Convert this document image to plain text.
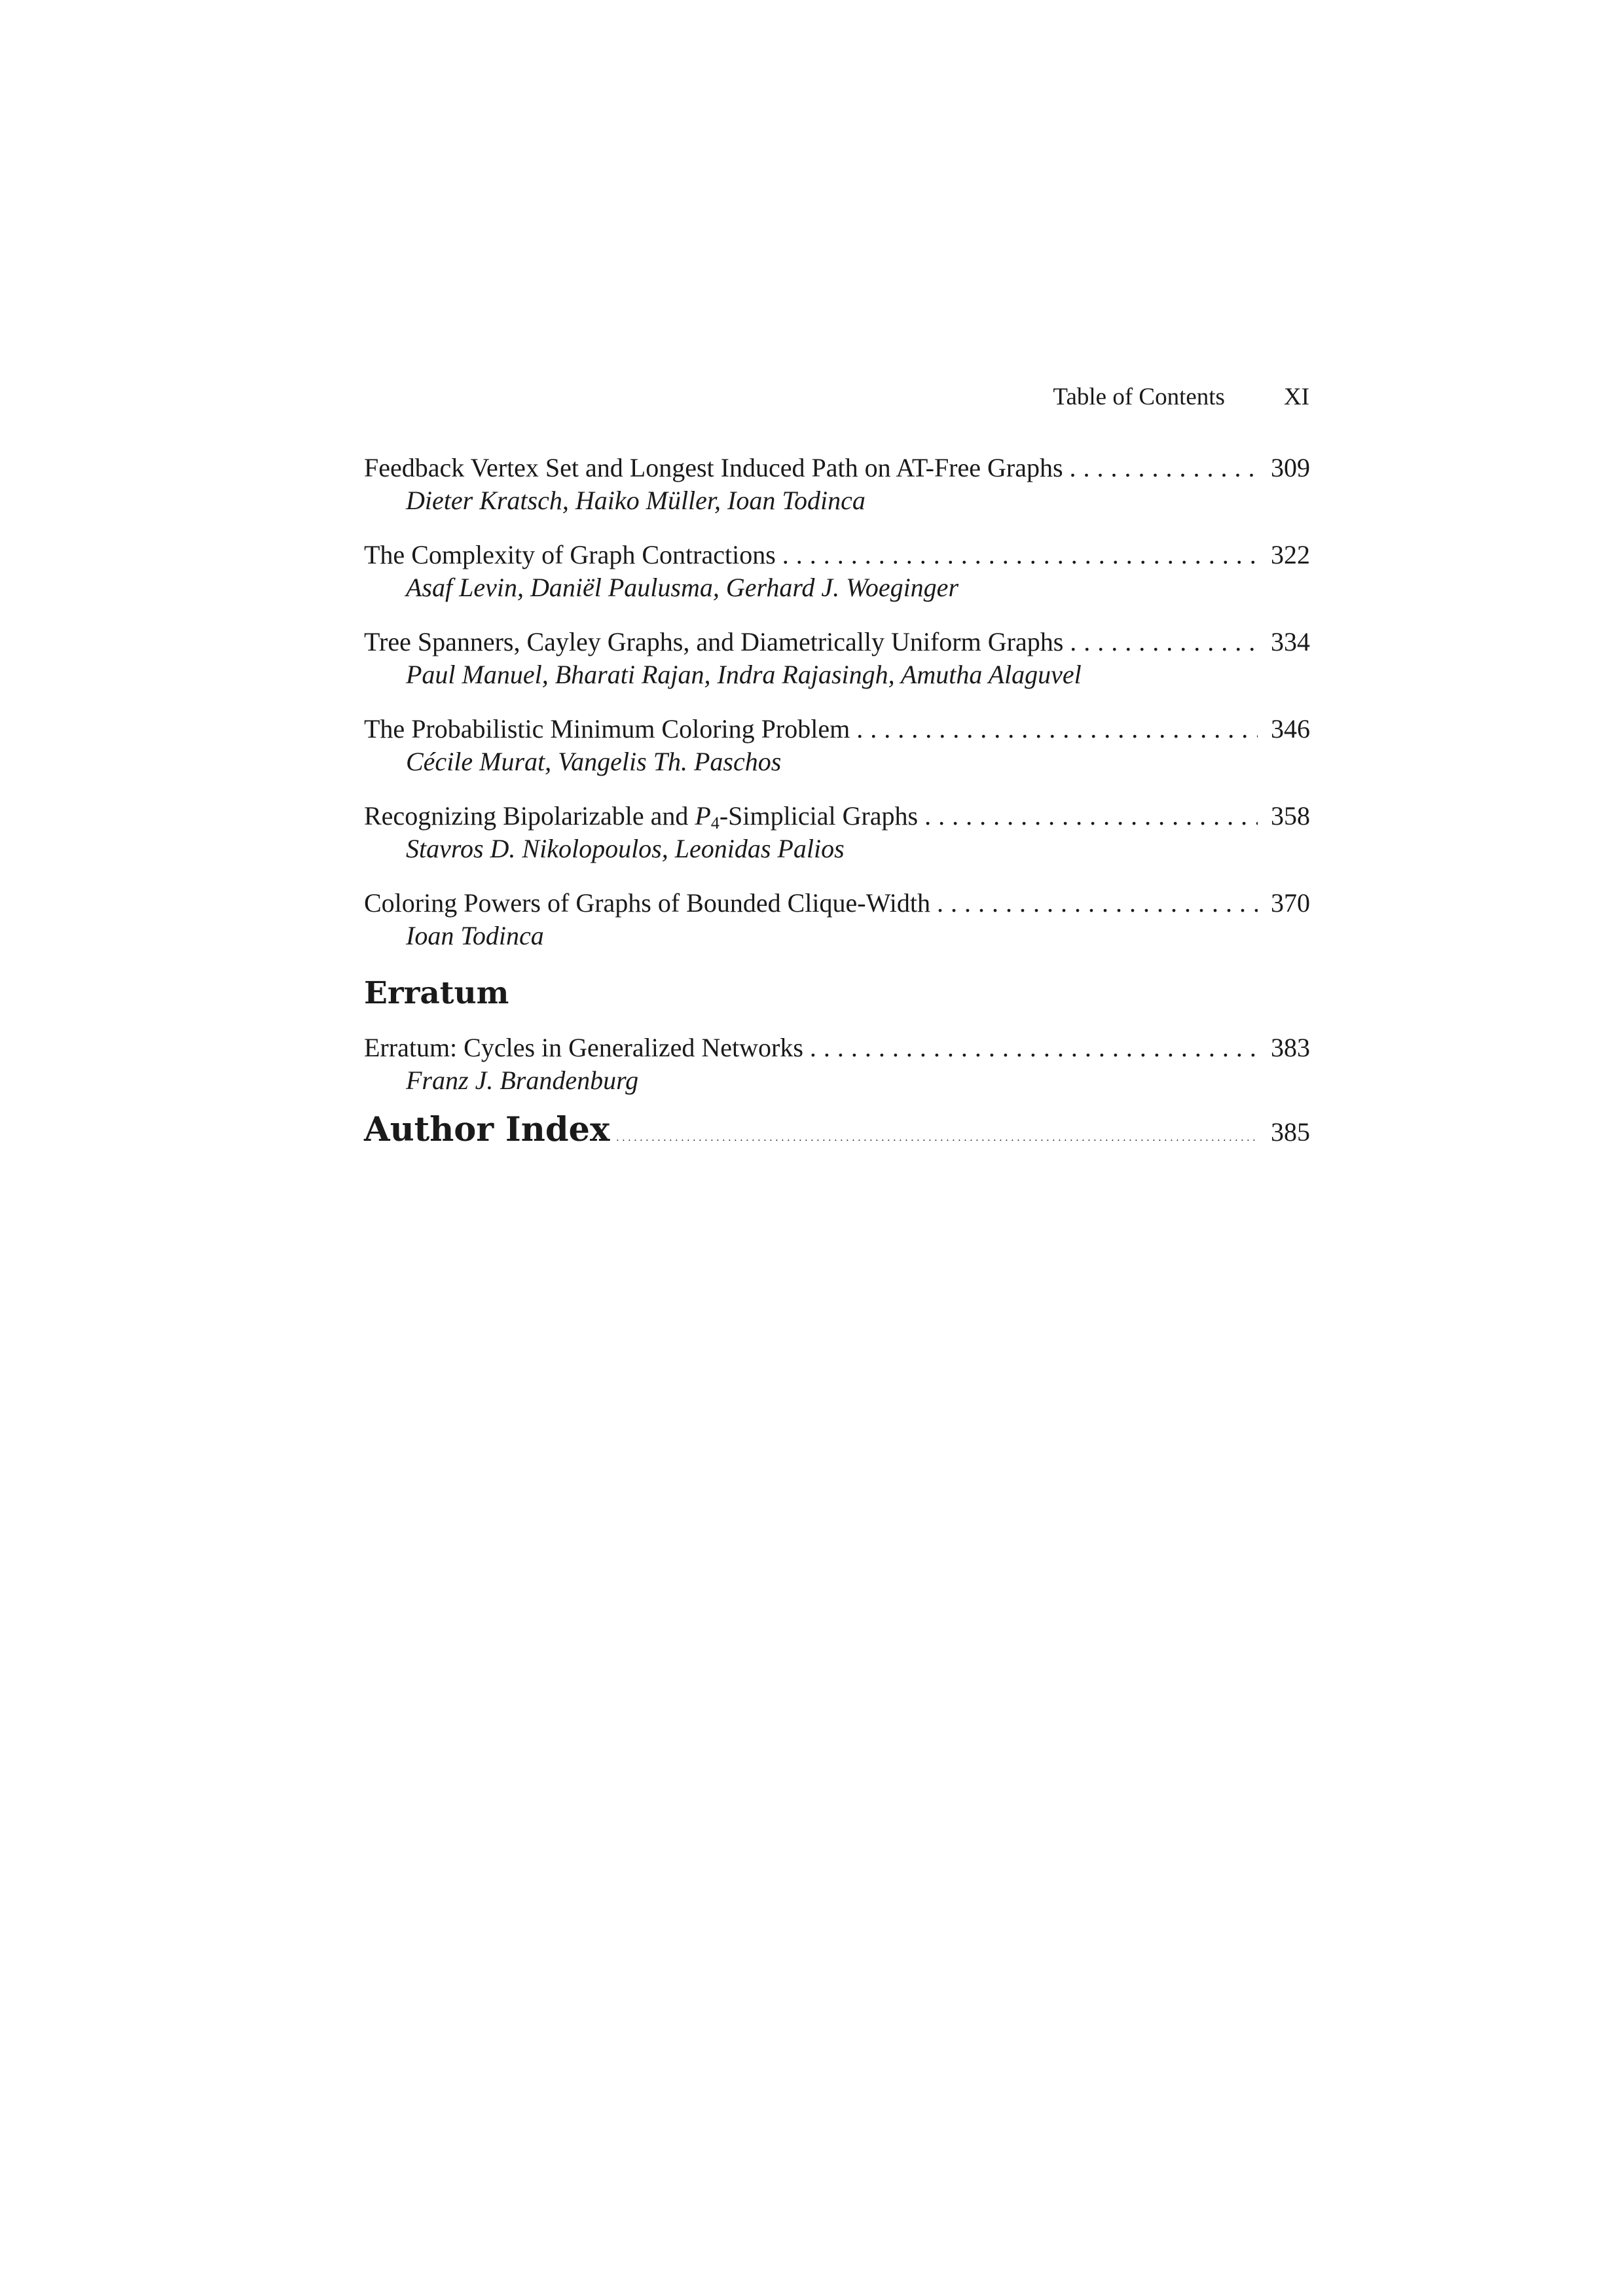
Table of Contents XI
Feedback Vertex Set and Longest Induced Path on AT-Free Graphs . . .	309
Dieter Kratsch, Haiko Müller, Ioan Todinca
The Complexity of Graph Contractions . . .	322
Asaf Levin, Daniël Paulusma, Gerhard J. Woeginger
Tree Spanners, Cayley Graphs, and Diametrically Uniform Graphs . . .	334
Paul Manuel, Bharati Rajan, Indra Rajasingh, Amutha Alaguvel
The Probabilistic Minimum Coloring Problem . . .	346
Cécile Murat, Vangelis Th. Paschos
Recognizing Bipolarizable and $P_4$-Simplicial Graphs . . .	358
Stavros D. Nikolopoulos, Leonidas Palios
Coloring Powers of Graphs of Bounded Clique-Width . . .	370
Ioan Todinca
Erratum
Erratum: Cycles in Generalized Networks . . .	383
Franz J. Brandenburg
Author Index . . .	385
